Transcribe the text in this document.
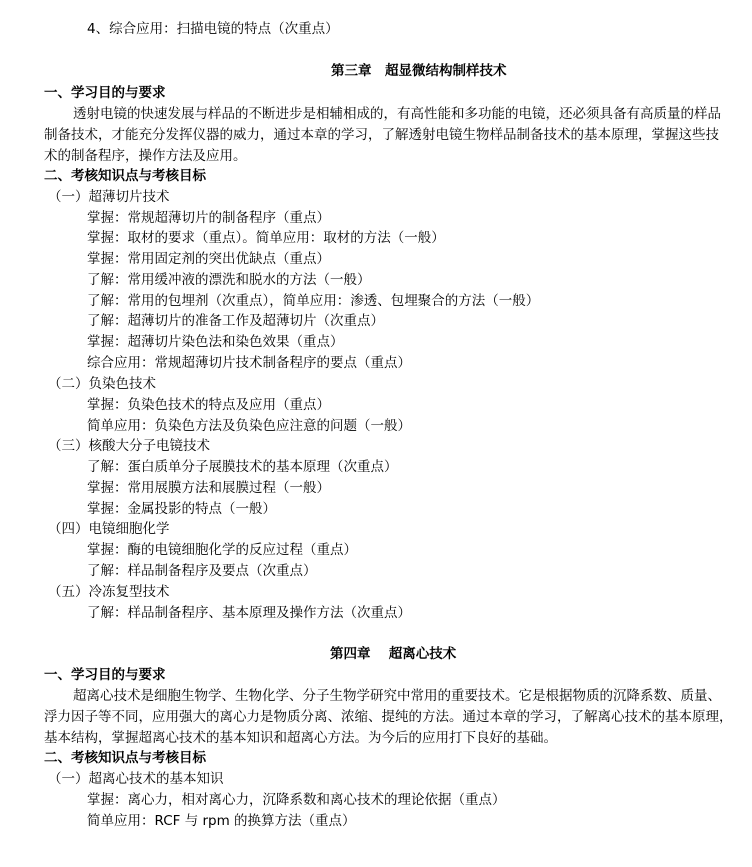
4、综合应用：扫描电镜的特点（次重点）
第三章　超显微结构制样技术
一、学习目的与要求
透射电镜的快速发展与样品的不断进步是相辅相成的，有高性能和多功能的电镜，还必须具备有高质量的样品
制备技术，才能充分发挥仪器的威力，通过本章的学习，了解透射电镜生物样品制备技术的基本原理，掌握这些技
术的制备程序，操作方法及应用。
二、考核知识点与考核目标
（一）超薄切片技术
掌握：常规超薄切片的制备程序（重点）
掌握：取材的要求（重点）。简单应用：取材的方法（一般）
掌握：常用固定剂的突出优缺点（重点）
了解：常用缓冲液的漂洗和脱水的方法（一般）
了解：常用的包埋剂（次重点），简单应用：渗透、包埋聚合的方法（一般）
了解：超薄切片的准备工作及超薄切片（次重点）
掌握：超薄切片染色法和染色效果（重点）
综合应用：常规超薄切片技术制备程序的要点（重点）
（二）负染色技术
掌握：负染色技术的特点及应用（重点）
简单应用：负染色方法及负染色应注意的问题（一般）
（三）核酸大分子电镜技术
了解：蛋白质单分子展膜技术的基本原理（次重点）
掌握：常用展膜方法和展膜过程（一般）
掌握：金属投影的特点（一般）
（四）电镜细胞化学
掌握：酶的电镜细胞化学的反应过程（重点）
了解：样品制备程序及要点（次重点）
（五）冷冻复型技术
了解：样品制备程序、基本原理及操作方法（次重点）
第四章　 超离心技术
一、学习目的与要求
超离心技术是细胞生物学、生物化学、分子生物学研究中常用的重要技术。它是根据物质的沉降系数、质量、
浮力因子等不同，应用强大的离心力是物质分离、浓缩、提纯的方法。通过本章的学习，了解离心技术的基本原理，
基本结构，掌握超离心技术的基本知识和超离心方法。为今后的应用打下良好的基础。
二、考核知识点与考核目标
（一）超离心技术的基本知识
掌握：离心力，相对离心力，沉降系数和离心技术的理论依据（重点）
简单应用：RCF 与 rpm 的换算方法（重点）
